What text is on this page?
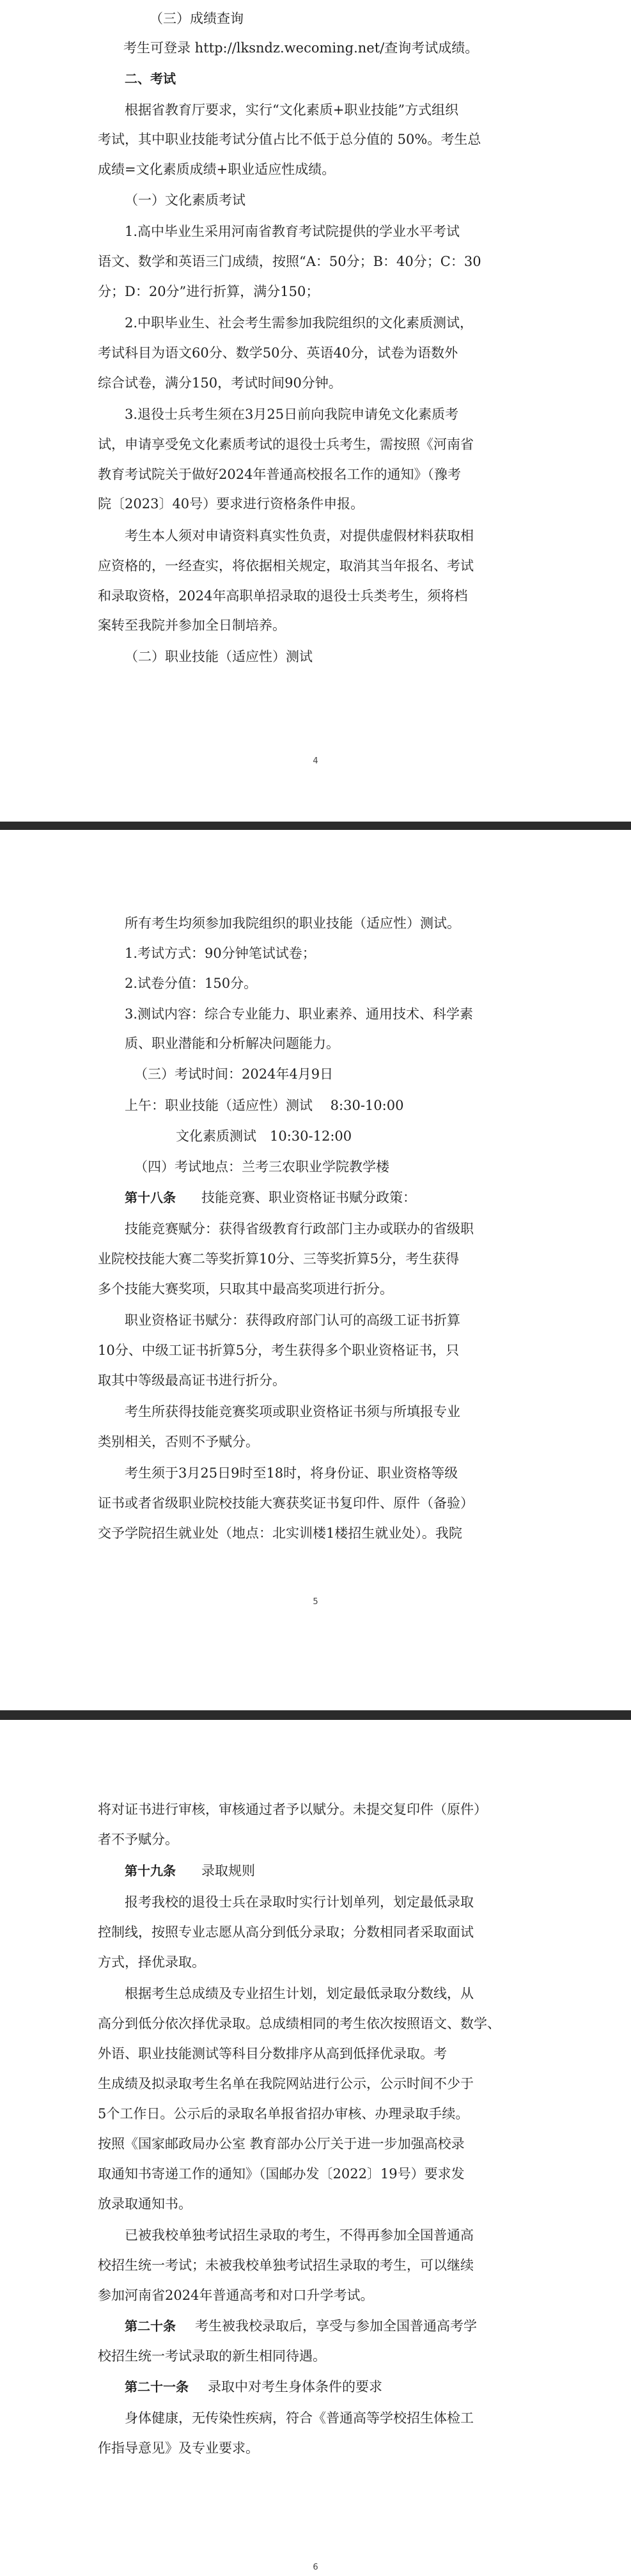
（三）成绩查询
考生可登录 http://lksndz.wecoming.net/查询考试成绩。
二、考试
根据省教育厅要求，实行“文化素质+职业技能”方式组织
考试，其中职业技能考试分值占比不低于总分值的 50%。考生总
成绩=文化素质成绩+职业适应性成绩。
（一）文化素质考试
1.高中毕业生采用河南省教育考试院提供的学业水平考试
语文、数学和英语三门成绩，按照“A：50分；B：40分；C：30
分；D：20分”进行折算，满分150；
2.中职毕业生、社会考生需参加我院组织的文化素质测试，
考试科目为语文60分、数学50分、英语40分，试卷为语数外
综合试卷，满分150，考试时间90分钟。
3.退役士兵考生须在3月25日前向我院申请免文化素质考
试，申请享受免文化素质考试的退役士兵考生，需按照《河南省
教育考试院关于做好2024年普通高校报名工作的通知》（豫考
院〔2023〕40号）要求进行资格条件申报。
考生本人须对申请资料真实性负责，对提供虚假材料获取相
应资格的，一经查实，将依据相关规定，取消其当年报名、考试
和录取资格，2024年高职单招录取的退役士兵类考生，须将档
案转至我院并参加全日制培养。
（二）职业技能（适应性）测试
4
所有考生均须参加我院组织的职业技能（适应性）测试。
1.考试方式：90分钟笔试试卷；
2.试卷分值：150分。
3.测试内容：综合专业能力、职业素养、通用技术、科学素
质、职业潜能和分析解决问题能力。
（三）考试时间：2024年4月9日
上午：职业技能（适应性）测试　 8:30-10:00
文化素质测试　10:30-12:00
（四）考试地点：兰考三农职业学院教学楼
第十八条 技能竞赛、职业资格证书赋分政策：
技能竞赛赋分：获得省级教育行政部门主办或联办的省级职
业院校技能大赛二等奖折算10分、三等奖折算5分，考生获得
多个技能大赛奖项，只取其中最高奖项进行折分。
职业资格证书赋分：获得政府部门认可的高级工证书折算
10分、中级工证书折算5分，考生获得多个职业资格证书，只
取其中等级最高证书进行折分。
考生所获得技能竞赛奖项或职业资格证书须与所填报专业
类别相关，否则不予赋分。
考生须于3月25日9时至18时，将身份证、职业资格等级
证书或者省级职业院校技能大赛获奖证书复印件、原件（备验）
交予学院招生就业处（地点：北实训楼1楼招生就业处）。我院
5
将对证书进行审核，审核通过者予以赋分。未提交复印件（原件）
者不予赋分。
第十九条 录取规则
报考我校的退役士兵在录取时实行计划单列，划定最低录取
控制线，按照专业志愿从高分到低分录取；分数相同者采取面试
方式，择优录取。
根据考生总成绩及专业招生计划，划定最低录取分数线，从
高分到低分依次择优录取。总成绩相同的考生依次按照语文、数学、
外语、职业技能测试等科目分数排序从高到低择优录取。考
生成绩及拟录取考生名单在我院网站进行公示，公示时间不少于
5个工作日。公示后的录取名单报省招办审核、办理录取手续。
按照《国家邮政局办公室 教育部办公厅关于进一步加强高校录
取通知书寄递工作的通知》（国邮办发〔2022〕19号）要求发
放录取通知书。
已被我校单独考试招生录取的考生，不得再参加全国普通高
校招生统一考试；未被我校单独考试招生录取的考生，可以继续
参加河南省2024年普通高考和对口升学考试。
第二十条 考生被我校录取后，享受与参加全国普通高考学
校招生统一考试录取的新生相同待遇。
第二十一条 录取中对考生身体条件的要求
身体健康，无传染性疾病，符合《普通高等学校招生体检工
作指导意见》及专业要求。
6
